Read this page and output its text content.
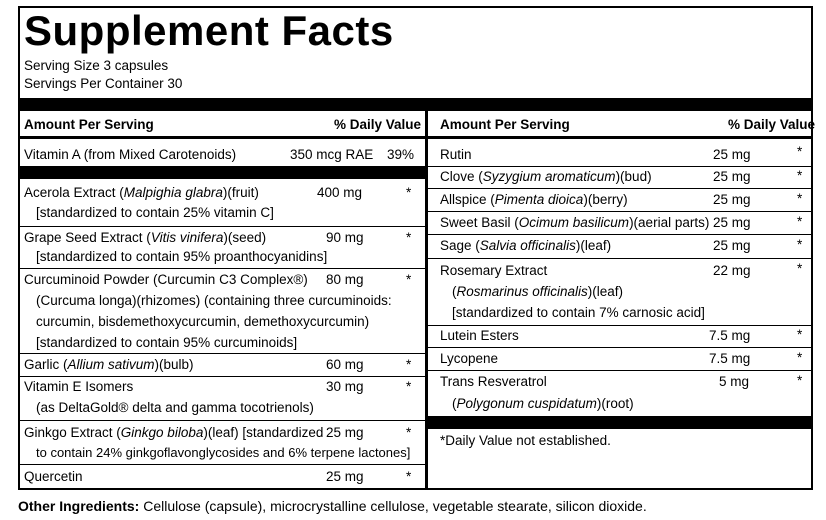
Supplement Facts
Serving Size 3 capsules
Servings Per Container 30
Amount Per Serving	% Daily Value Amount Per Serving	% Daily Value
Vitamin A (from Mixed Carotenoids)	350 mcg RAE 39%
Acerola Extract (Malpighia glabra)(fruit)
[standardized to contain 25% vitamin C]
400 mg	*
Grape Seed Extract (Vitis vinifera)(seed)
[standardized to contain 95% proanthocyanidins]
90 mg	*
Curcuminoid Powder (Curcumin C3 Complex®)
(Curcuma longa)(rhizomes) (containing three curcuminoids:
curcumin, bisdemethoxycurcumin, demethoxycurcumin)
[standardized to contain 95% curcuminoids]
80 mg	*
Garlic (Allium sativum)(bulb)	60 mg	*
Vitamin E Isomers
(as DeltaGold® delta and gamma tocotrienols)
30 mg	*
Ginkgo Extract (Ginkgo biloba)(leaf) [standardized
to contain 24% ginkgoflavonglycosides and 6% terpene lactones]
25 mg	*
Quercetin	25 mg	*
Rutin	25 mg	*
Clove (Syzygium aromaticum)(bud)	25 mg	*
Allspice (Pimenta dioica)(berry)	25 mg	*
Sweet Basil (Ocimum basilicum)(aerial parts) 25 mg	*
Sage (Salvia officinalis)(leaf)	25 mg	*
Rosemary Extract
(Rosmarinus officinalis)(leaf)
[standardized to contain 7% carnosic acid]
22 mg	*
Lutein Esters	7.5 mg	*
Lycopene	7.5 mg	*
Trans Resveratrol
(Polygonum cuspidatum)(root)
5 mg	*
*Daily Value not established.
Other Ingredients: Cellulose (capsule), microcrystalline cellulose, vegetable stearate, silicon dioxide.
